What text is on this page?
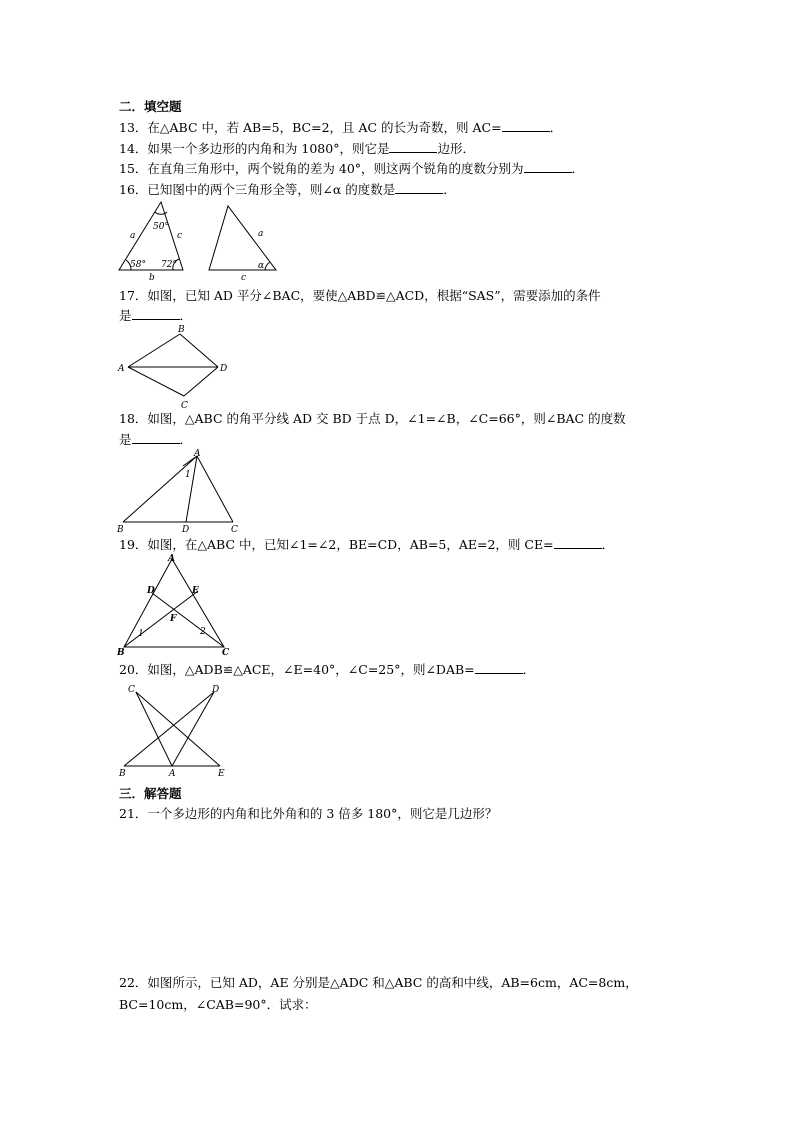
二．填空题
13．在△ABC 中，若 AB=5，BC=2，且 AC 的长为奇数，则 AC=	．
14．如果一个多边形的内角和为 1080°，则它是	边形．
15．在直角三角形中，两个锐角的差为 40°，则这两个锐角的度数分别为	．
16．已知图中的两个三角形全等，则∠α 的度数是	．
a	c
b
50°
58° 72°
a
c
α
17．如图，已知 AD 平分∠BAC，要使△ABD≌△ACD，根据“SAS”，需要添加的条件
是	．
A
B
C
D
18．如图，△ABC 的角平分线 AD 交 BD 于点 D，∠1=∠B，∠C=66°，则∠BAC 的度数
是	．
A
B	C
D
1
19．如图，在△ABC 中，已知∠1=∠2，BE=CD，AB=5，AE=2，则 CE=	．
A
B	C
D	E
F
1	2
20．如图，△ADB≌△ACE，∠E=40°，∠C=25°，则∠DAB=	．
C	D
B	A	E
三．解答题
21．一个多边形的内角和比外角和的 3 倍多 180°，则它是几边形？
22．如图所示，已知 AD，AE 分别是△ADC 和△ABC 的高和中线，AB=6cm，AC=8cm，
BC=10cm，∠CAB=90°．试求：
